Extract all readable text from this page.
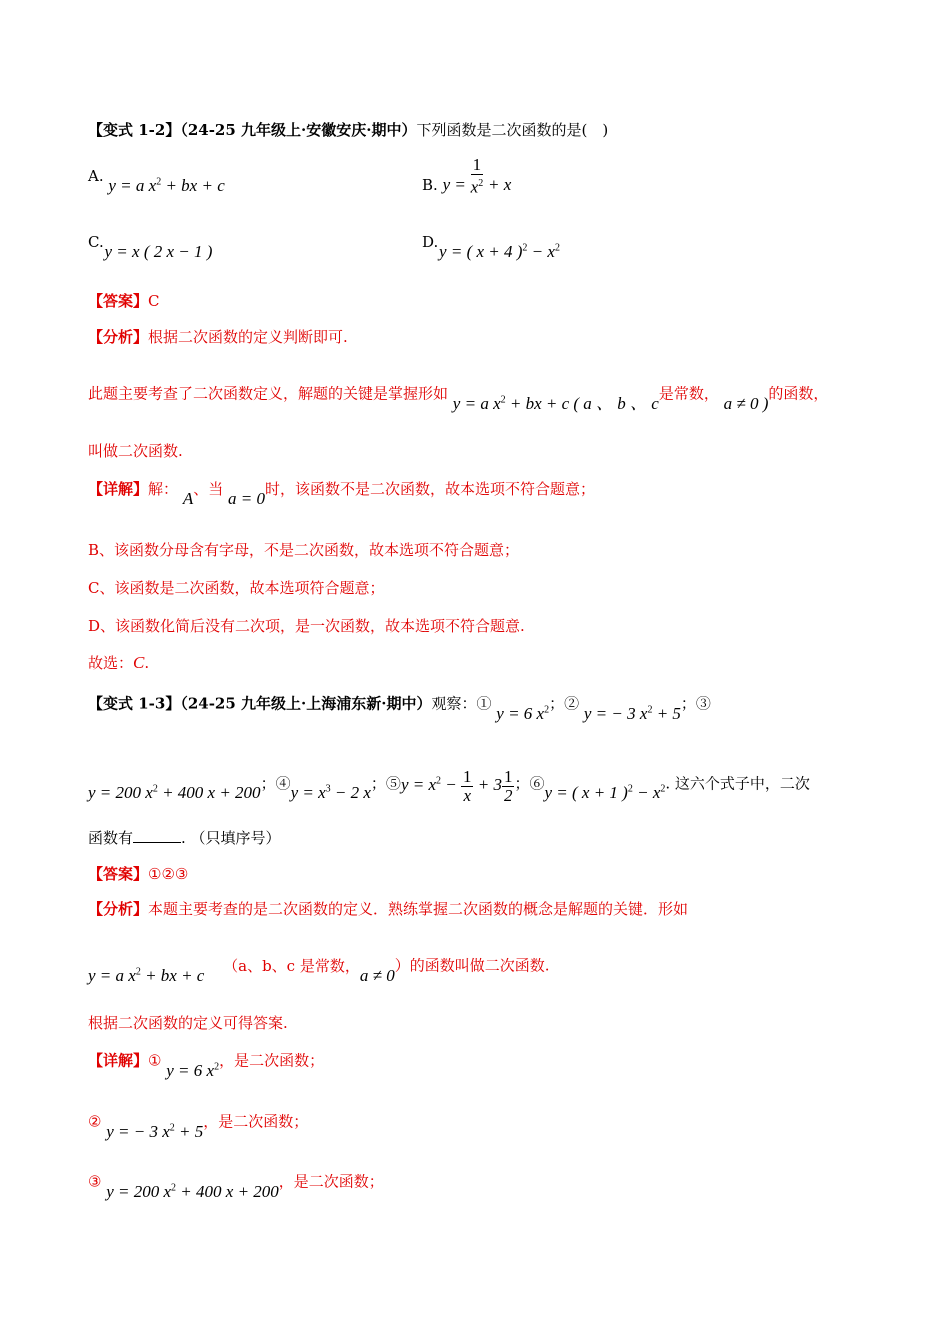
【变式 1-2】（24-25 九年级上·安徽安庆·期中）下列函数是二次函数的是(　)
A. y = a $x^2$ + bx + c	B. $y = \frac{1}{x^2} + x$
C. y = x ( 2 x − 1 )	D. y = ( x + 4 )$^2 - x^2$
【答案】C
【分析】根据二次函数的定义判断即可.
此题主要考查了二次函数定义，解题的关键是掌握形如 y = a $x^2$ + bx + c ( a 、 b 、 c是常数， a ≠ 0 )的函数，
叫做二次函数.
【详解】解： A、当 a = 0时，该函数不是二次函数，故本选项不符合题意；
B、该函数分母含有字母，不是二次函数，故本选项不符合题意；
C、该函数是二次函数，故本选项符合题意；
D、该函数化简后没有二次项，是一次函数，故本选项不符合题意.
故选：C.
【变式 1-3】（24-25 九年级上·上海浦东新·期中）观察：① y = 6 $x^2$；② y = − 3 $x^2 + 5$；③
y = 200 $x^2 + 400$ x + 200；④y = $x^3 - 2$ x；⑤y = $x^2 - \frac{1}{x} + 3 \frac{1}{2}$ ；⑥y = ( x + 1 )$^2 - x^2$. 这六个式子中，二次
函数有	. （只填序号）
【答案】①②③
【分析】本题主要考查的是二次函数的定义．熟练掌握二次函数的概念是解题的关键．形如
y = a $x^2$ + bx + c （a、b、c 是常数，a ≠ 0）的函数叫做二次函数.
根据二次函数的定义可得答案.
【详解】① y = 6 $x^2$，是二次函数；
② y = − 3 $x^2 + 5$，是二次函数；
③ y = 200 $x^2 + 400$ x + 200，是二次函数；
